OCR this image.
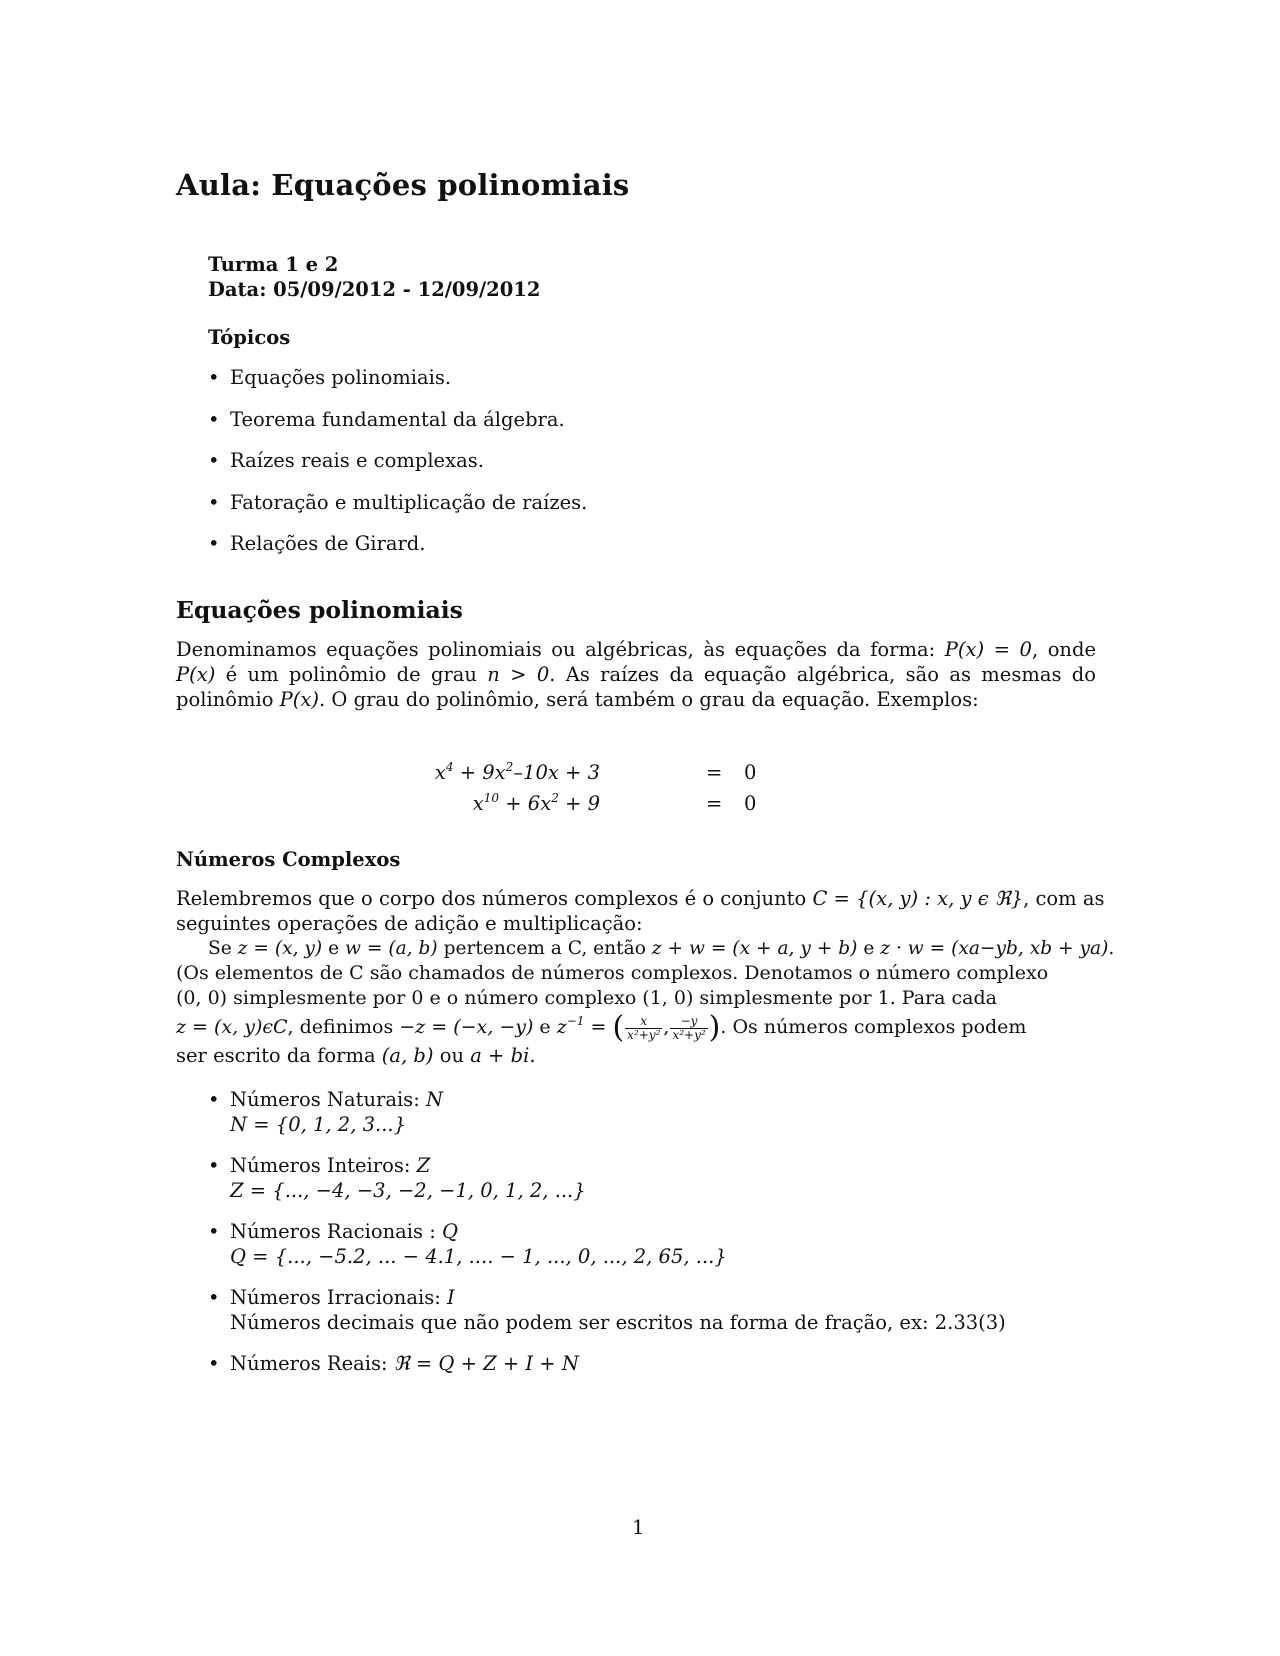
Aula: Equações polinomiais
Turma 1 e 2
Data: 05/09/2012 - 12/09/2012
Tópicos
• Equações polinomiais.
• Teorema fundamental da álgebra.
• Raízes reais e complexas.
• Fatoração e multiplicação de raízes.
• Relações de Girard.
Equações polinomiais
Denominamos equações polinomiais ou algébricas, às equações da forma: P(x) = 0, onde P(x) é um polinômio de grau n > 0. As raízes da equação algébrica, são as mesmas do polinômio P(x). O grau do polinômio, será também o grau da equação. Exemplos:
$x^4 + 9x^2-10x + 3$	= 0
$x^{10} + 6x^2 + 9$	= 0
Números Complexos
Relembremos que o corpo dos números complexos é o conjunto C = {(x, y) : x, y ϵ ℜ}, com as
seguintes operações de adição e multiplicação:
Se z = (x, y) e w = (a, b) pertencem a C, então z + w = (x + a, y + b) e z · w = (xa−yb, xb + ya).
(Os elementos de C são chamados de números complexos. Denotamos o número complexo
(0, 0) simplesmente por 0 e o número complexo (1, 0) simplesmente por 1. Para cada
z = (x, y)ϵC, definimos −z = (−x, −y) e $z^{-1}$ = ( $\frac{x}{\text{x²+y²}}$ , $\frac{-y}{\text{x²+y²}}$ ). Os números complexos podem
ser escrito da forma (a, b) ou a + bi.
• Números Naturais: N
N = {0, 1, 2, 3...}
• Números Inteiros: Z
Z = {..., −4, −3, −2, −1, 0, 1, 2, ...}
• Números Racionais : Q
Q = {..., −5.2, ... − 4.1, .... − 1, ..., 0, ..., 2, 65, ...}
• Números Irracionais: I
Números decimais que não podem ser escritos na forma de fração, ex: 2.33(3)
• Números Reais: ℜ = Q + Z + I + N
1
